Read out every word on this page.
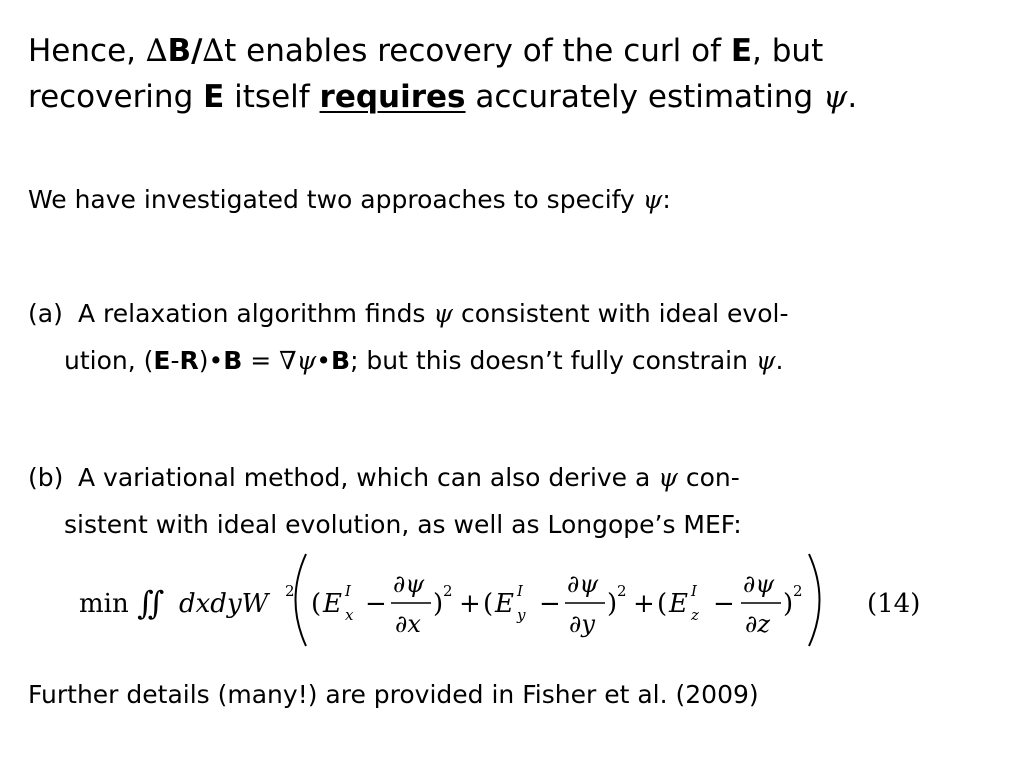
Hence, ∆B/∆t enables recovery of the curl of E, but
recovering E itself requires accurately estimating ψ.
We have investigated two approaches to specify ψ:
(a) A relaxation algorithm finds ψ consistent with ideal evol-
ution, (E-R)•B = ∇ψ•B; but this doesn’t fully constrain ψ.
(b) A variational method, which can also derive a ψ con-
sistent with ideal evolution, as well as Longope’s MEF:
min ∬ dxdyW 2 ( E I
x −
∂ψ
∂x
) 2 + ( E I
y −
∂ψ
∂y
) 2 + ( E I
z −
∂ψ
∂z
) 2 (14)
Further details (many!) are provided in Fisher et al. (2009)
